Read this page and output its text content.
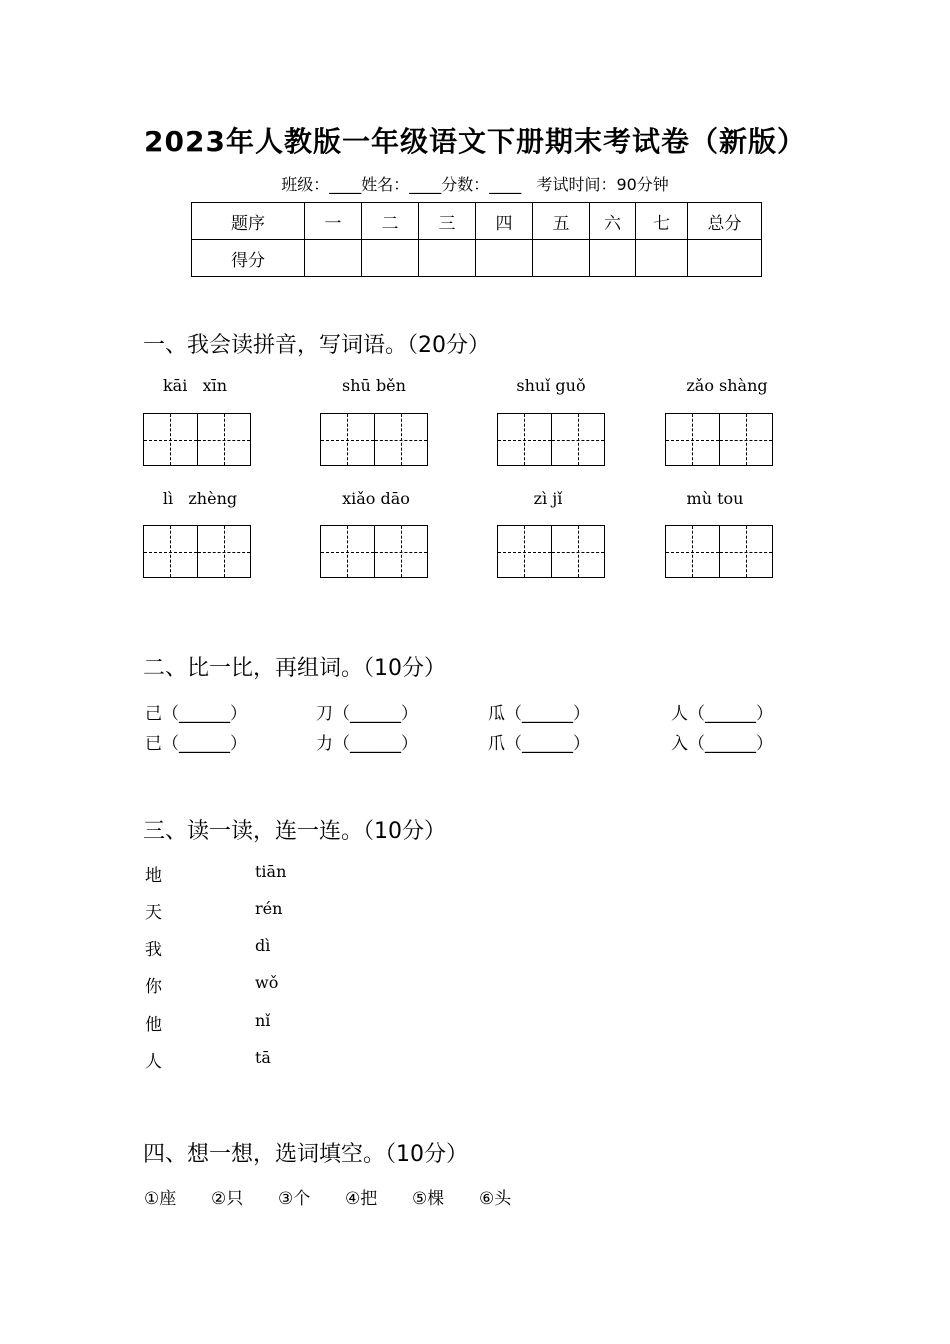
2023年人教版一年级语文下册期末考试卷（新版）
班级：____姓名：____分数：____   考试时间：90分钟
题序	一	二	三	四	五	六	七	总分
得分								
一、我会读拼音，写词语。（20分）
kāi   xīn	shū běn	shuǐ guǒ	zǎo shàng
lì   zhèng	xiǎo dāo	zì jǐ	mù tou
二、比一比，再组词。（10分）
己（______）	刀（______）	瓜（______）	人（______）
已（______）	力（______）	爪（______）	入（______）
三、读一读，连一连。（10分）
地	tiān
天	rén
我	dì
你	wǒ
他	nǐ
人	tā
四、想一想，选词填空。（10分）
①座 ②只 ③个 ④把 ⑤棵 ⑥头
